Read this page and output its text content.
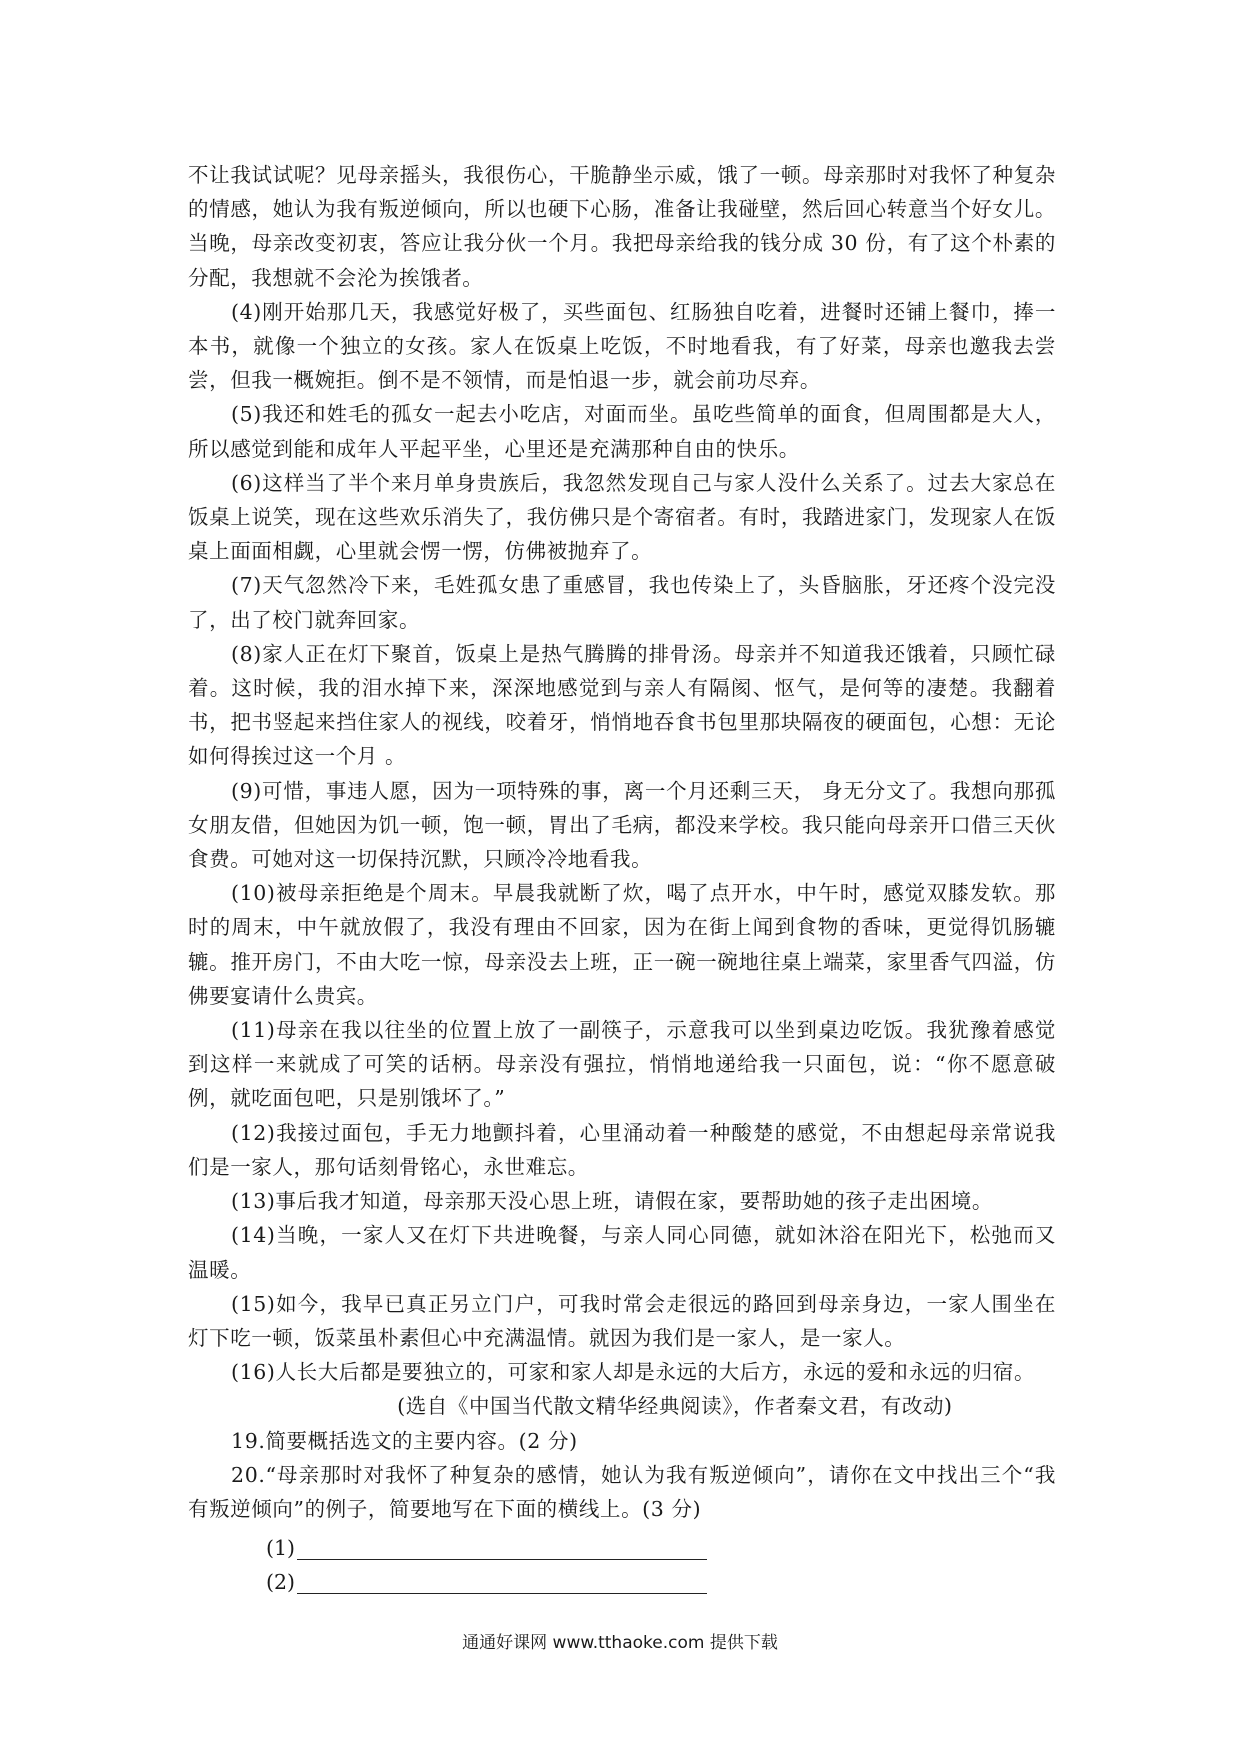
不让我试试呢？见母亲摇头，我很伤心，干脆静坐示威，饿了一顿。母亲那时对我怀了种复杂的情感，她认为我有叛逆倾向，所以也硬下心肠，准备让我碰壁，然后回心转意当个好女儿。当晚，母亲改变初衷，答应让我分伙一个月。我把母亲给我的钱分成 30 份，有了这个朴素的分配，我想就不会沦为挨饿者。

(4)刚开始那几天，我感觉好极了，买些面包、红肠独自吃着，进餐时还铺上餐巾，捧一本书，就像一个独立的女孩。家人在饭桌上吃饭，不时地看我，有了好菜，母亲也邀我去尝尝，但我一概婉拒。倒不是不领情，而是怕退一步，就会前功尽弃。

(5)我还和姓毛的孤女一起去小吃店，对面而坐。虽吃些简单的面食，但周围都是大人，所以感觉到能和成年人平起平坐，心里还是充满那种自由的快乐。

(6)这样当了半个来月单身贵族后，我忽然发现自己与家人没什么关系了。过去大家总在饭桌上说笑，现在这些欢乐消失了，我仿佛只是个寄宿者。有时，我踏进家门，发现家人在饭桌上面面相觑，心里就会愣一愣，仿佛被抛弃了。

(7)天气忽然冷下来，毛姓孤女患了重感冒，我也传染上了，头昏脑胀，牙还疼个没完没了，出了校门就奔回家。

(8)家人正在灯下聚首，饭桌上是热气腾腾的排骨汤。母亲并不知道我还饿着，只顾忙碌着。这时候，我的泪水掉下来，深深地感觉到与亲人有隔阂、怄气，是何等的凄楚。我翻着书，把书竖起来挡住家人的视线，咬着牙，悄悄地吞食书包里那块隔夜的硬面包，心想：无论如何得挨过这一个月 。

(9)可惜，事违人愿，因为一项特殊的事，离一个月还剩三天， 身无分文了。我想向那孤女朋友借，但她因为饥一顿，饱一顿，胃出了毛病，都没来学校。我只能向母亲开口借三天伙食费。可她对这一切保持沉默，只顾冷冷地看我。

(10)被母亲拒绝是个周末。早晨我就断了炊，喝了点开水，中午时，感觉双膝发软。那时的周末，中午就放假了，我没有理由不回家，因为在街上闻到食物的香味，更觉得饥肠辘辘。推开房门，不由大吃一惊，母亲没去上班，正一碗一碗地往桌上端菜，家里香气四溢，仿佛要宴请什么贵宾。

(11)母亲在我以往坐的位置上放了一副筷子，示意我可以坐到桌边吃饭。我犹豫着感觉到这样一来就成了可笑的话柄。母亲没有强拉，悄悄地递给我一只面包，说：“你不愿意破例，就吃面包吧，只是别饿坏了。”

(12)我接过面包，手无力地颤抖着，心里涌动着一种酸楚的感觉，不由想起母亲常说我们是一家人，那句话刻骨铭心，永世难忘。

(13)事后我才知道，母亲那天没心思上班，请假在家，要帮助她的孩子走出困境。

(14)当晚，一家人又在灯下共进晚餐，与亲人同心同德，就如沐浴在阳光下，松弛而又温暖。

(15)如今，我早已真正另立门户，可我时常会走很远的路回到母亲身边，一家人围坐在灯下吃一顿，饭菜虽朴素但心中充满温情。就因为我们是一家人，是一家人。

(16)人长大后都是要独立的，可家和家人却是永远的大后方，永远的爱和永远的归宿。

(选自《中国当代散文精华经典阅读》，作者秦文君，有改动)

19.简要概括选文的主要内容。(2 分)

20.“母亲那时对我怀了种复杂的感情，她认为我有叛逆倾向”，请你在文中找出三个“我有叛逆倾向”的例子，简要地写在下面的横线上。(3 分)

(1)
(2)
通通好课网 www.tthaoke.com 提供下载
